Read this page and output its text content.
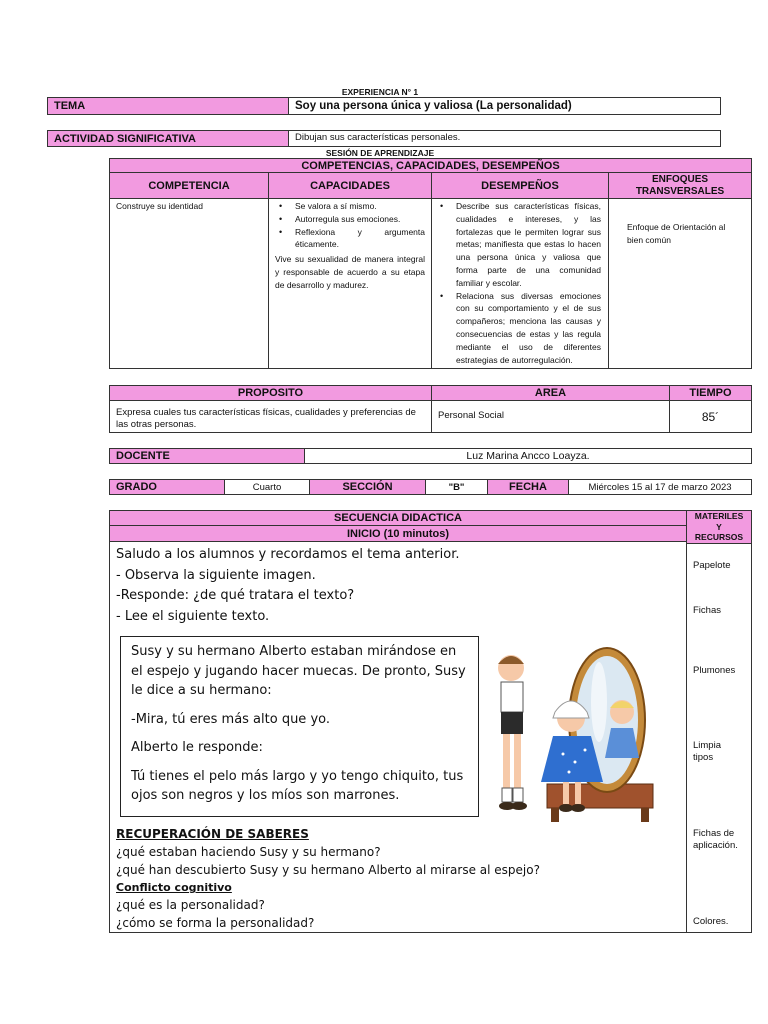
EXPERIENCIA N° 1
TEMA	Soy una persona única y valiosa (La personalidad)
ACTIVIDAD SIGNIFICATIVA	Dibujan sus características personales.
SESIÓN DE APRENDIZAJE
COMPETENCIAS, CAPACIDADES, DESEMPEÑOS
COMPETENCIA	CAPACIDADES	DESEMPEÑOS
ENFOQUES TRANSVERSALES
Construye su identidad
•	Se valora a sí mismo.
• Autorregula sus emociones.
• Reflexiona y argumenta éticamente.
Vive su sexualidad de manera integral y responsable de acuerdo a su etapa de desarrollo y madurez.
• Describe sus características físicas, cualidades e intereses, y las fortalezas que le permiten lograr sus metas; manifiesta que estas lo hacen una persona única y valiosa que forma parte de una comunidad familiar y escolar.
• Relaciona sus diversas emociones con su comportamiento y el de sus compañeros; menciona las causas y consecuencias de estas y las regula mediante el uso de diferentes estrategias de autorregulación.
Enfoque de Orientación al bien común
PROPOSITO	AREA	TIEMPO
Expresa cuales tus características físicas, cualidades y preferencias de las otras personas.
Personal Social	85´
DOCENTE	Luz Marina Ancco Loayza.
GRADO	Cuarto	SECCIÓN	"B"	FECHA	Miércoles 15 al 17 de marzo 2023
SECUENCIA DIDACTICA
INICIO (10 minutos)
MATERILES Y RECURSOS
Saludo a los alumnos y recordamos el tema anterior.
- Observa la siguiente imagen.
-Responde: ¿de qué tratara el texto?
- Lee el siguiente texto.

Susy y su hermano Alberto estaban mirándose en el espejo y jugando hacer muecas. De pronto, Susy le dice a su hermano:

-Mira, tú eres más alto que yo.

Alberto le responde:

Tú tienes el pelo más largo y yo tengo chiquito, tus ojos son negros y los míos son marrones.

RECUPERACIÓN DE SABERES
¿qué estaban haciendo Susy y su hermano?
¿qué han descubierto Susy y su hermano Alberto al mirarse al espejo?
Conflicto cognitivo
¿qué es la personalidad?
¿cómo se forma la personalidad?
Papelote
Fichas
Plumones
Limpia tipos
Fichas de aplicación.
Colores.
